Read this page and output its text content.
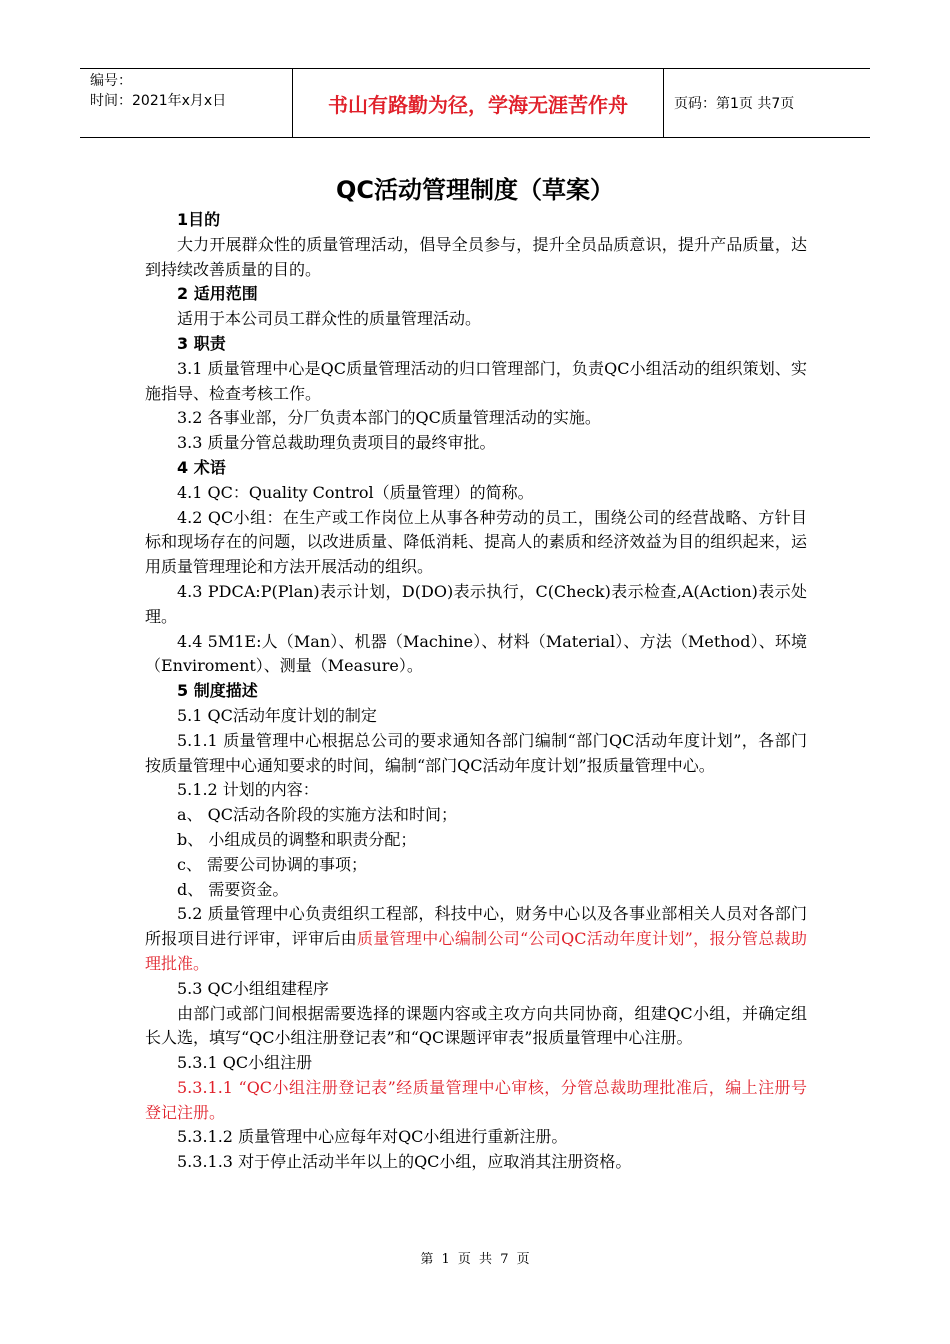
编号：
时间：2021年x月x日	书山有路勤为径，学海无涯苦作舟	页码：第1页 共7页
QC活动管理制度（草案）

1目的

大力开展群众性的质量管理活动，倡导全员参与，提升全员品质意识，提升产品质量，达到持续改善质量的目的。

2 适用范围

适用于本公司员工群众性的质量管理活动。

3 职责

3.1 质量管理中心是QC质量管理活动的归口管理部门，负责QC小组活动的组织策划、实施指导、检查考核工作。

3.2 各事业部，分厂负责本部门的QC质量管理活动的实施。

3.3 质量分管总裁助理负责项目的最终审批。

4 术语

4.1 QC：Quality Control（质量管理）的简称。

4.2 QC小组：在生产或工作岗位上从事各种劳动的员工，围绕公司的经营战略、方针目标和现场存在的问题，以改进质量、降低消耗、提高人的素质和经济效益为目的组织起来，运用质量管理理论和方法开展活动的组织。

4.3 PDCA:P(Plan)表示计划，D(DO)表示执行，C(Check)表示检查,A(Action)表示处理。

4.4 5M1E:人（Man）、机器（Machine）、材料（Material）、方法（Method）、环境（Enviroment）、测量（Measure）。

5 制度描述

5.1 QC活动年度计划的制定

5.1.1 质量管理中心根据总公司的要求通知各部门编制“部门QC活动年度计划”，各部门按质量管理中心通知要求的时间，编制“部门QC活动年度计划”报质量管理中心。

5.1.2 计划的内容：

a、 QC活动各阶段的实施方法和时间；

b、 小组成员的调整和职责分配；

c、 需要公司协调的事项；

d、 需要资金。

5.2 质量管理中心负责组织工程部，科技中心，财务中心以及各事业部相关人员对各部门所报项目进行评审，评审后由质量管理中心编制公司“公司QC活动年度计划”，报分管总裁助理批准。

5.3 QC小组组建程序

由部门或部门间根据需要选择的课题内容或主攻方向共同协商，组建QC小组，并确定组长人选，填写“QC小组注册登记表”和“QC课题评审表”报质量管理中心注册。

5.3.1 QC小组注册

5.3.1.1 “QC小组注册登记表”经质量管理中心审核，分管总裁助理批准后，编上注册号登记注册。

5.3.1.2 质量管理中心应每年对QC小组进行重新注册。

5.3.1.3 对于停止活动半年以上的QC小组，应取消其注册资格。

第 1 页 共 7 页
